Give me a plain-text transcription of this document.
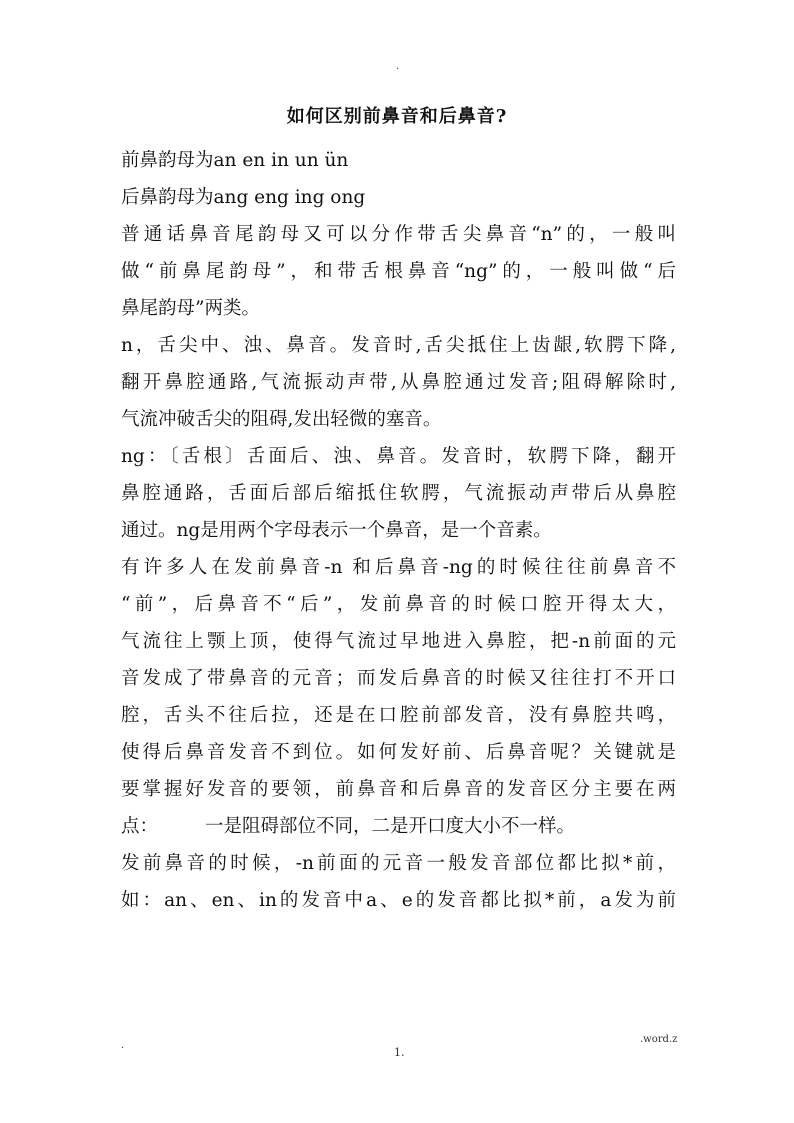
.
如何区别前鼻音和后鼻音?
前鼻韵母为an en in un ün
后鼻韵母为ang eng ing ong
普通话鼻音尾韵母又可以分作带舌尖鼻音“n”的，一般叫
做“前鼻尾韵母”，和带舌根鼻音“ng”的，一般叫做“后
鼻尾韵母”两类。
n，舌尖中、浊、鼻音。发音时,舌尖抵住上齿龈,软腭下降,
翻开鼻腔通路,气流振动声带,从鼻腔通过发音;阻碍解除时,
气流冲破舌尖的阻碍,发出轻微的塞音。
ng：〔舌根〕舌面后、浊、鼻音。发音时，软腭下降，翻开
鼻腔通路，舌面后部后缩抵住软腭，气流振动声带后从鼻腔
通过。ng是用两个字母表示一个鼻音，是一个音素。
有许多人在发前鼻音-n 和后鼻音-ng的时候往往前鼻音不
“前”，后鼻音不“后”，发前鼻音的时候口腔开得太大，
气流往上颚上顶，使得气流过早地进入鼻腔，把-n前面的元
音发成了带鼻音的元音；而发后鼻音的时候又往往打不开口
腔，舌头不往后拉，还是在口腔前部发音，没有鼻腔共鸣，
使得后鼻音发音不到位。如何发好前、后鼻音呢？关键就是
要掌握好发音的要领，前鼻音和后鼻音的发音区分主要在两
点：        一是阻碍部位不同，二是开口度大小不一样。
发前鼻音的时候，-n前面的元音一般发音部位都比拟*前，
如：an、en、in的发音中a、e的发音都比拟*前，a发为前
.
1.
.word.z
